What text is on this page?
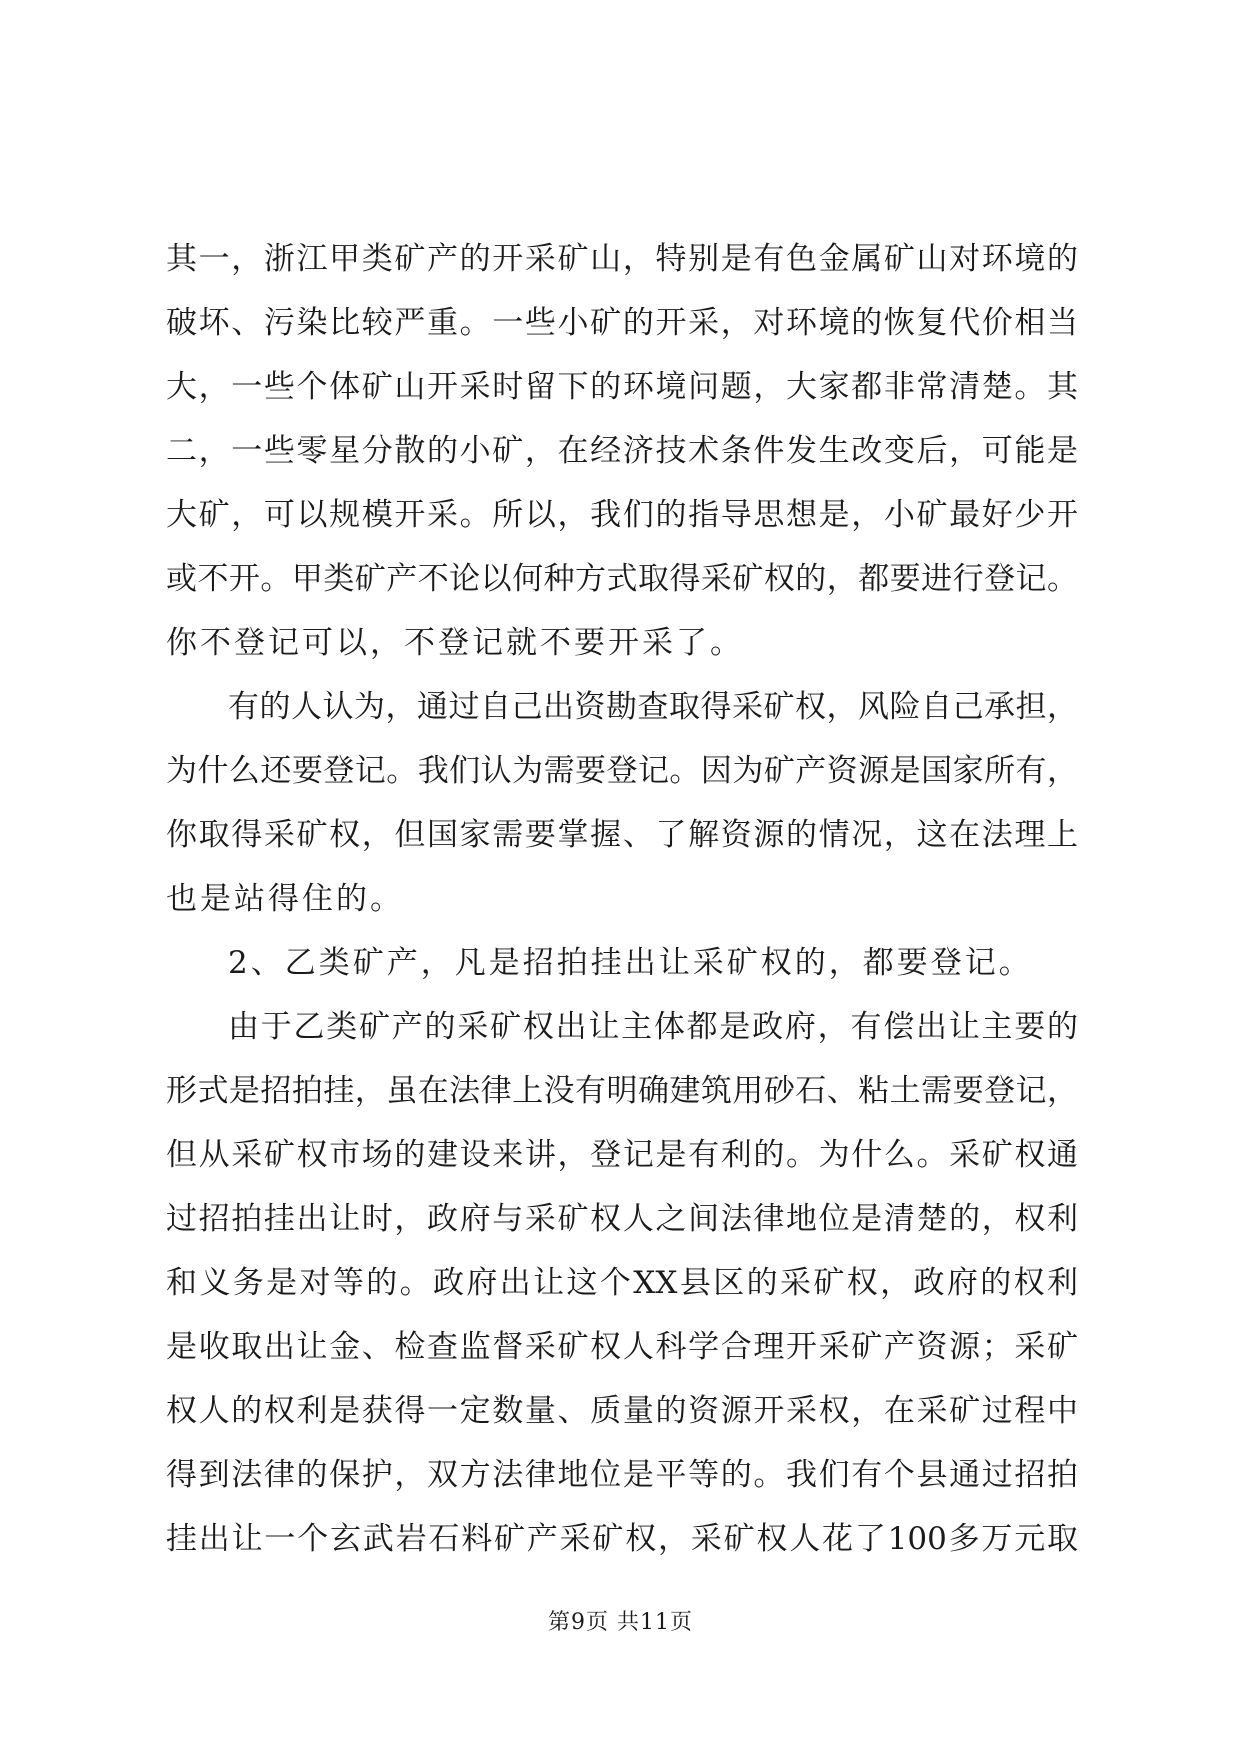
其一，浙江甲类矿产的开采矿山，特别是有色金属矿山对环境的
破坏、污染比较严重。一些小矿的开采，对环境的恢复代价相当
大，一些个体矿山开采时留下的环境问题，大家都非常清楚。其
二，一些零星分散的小矿，在经济技术条件发生改变后，可能是
大矿，可以规模开采。所以，我们的指导思想是，小矿最好少开
或不开。甲类矿产不论以何种方式取得采矿权的，都要进行登记。
你不登记可以，不登记就不要开采了。
有的人认为，通过自己出资勘查取得采矿权，风险自己承担，
为什么还要登记。我们认为需要登记。因为矿产资源是国家所有，
你取得采矿权，但国家需要掌握、了解资源的情况，这在法理上
也是站得住的。
2、乙类矿产，凡是招拍挂出让采矿权的，都要登记。
由于乙类矿产的采矿权出让主体都是政府，有偿出让主要的
形式是招拍挂，虽在法律上没有明确建筑用砂石、粘土需要登记，
但从采矿权市场的建设来讲，登记是有利的。为什么。采矿权通
过招拍挂出让时，政府与采矿权人之间法律地位是清楚的，权利
和义务是对等的。政府出让这个XX县区的采矿权，政府的权利
是收取出让金、检查监督采矿权人科学合理开采矿产资源；采矿
权人的权利是获得一定数量、质量的资源开采权，在采矿过程中
得到法律的保护，双方法律地位是平等的。我们有个县通过招拍
挂出让一个玄武岩石料矿产采矿权，采矿权人花了100多万元取
第9页 共11页
